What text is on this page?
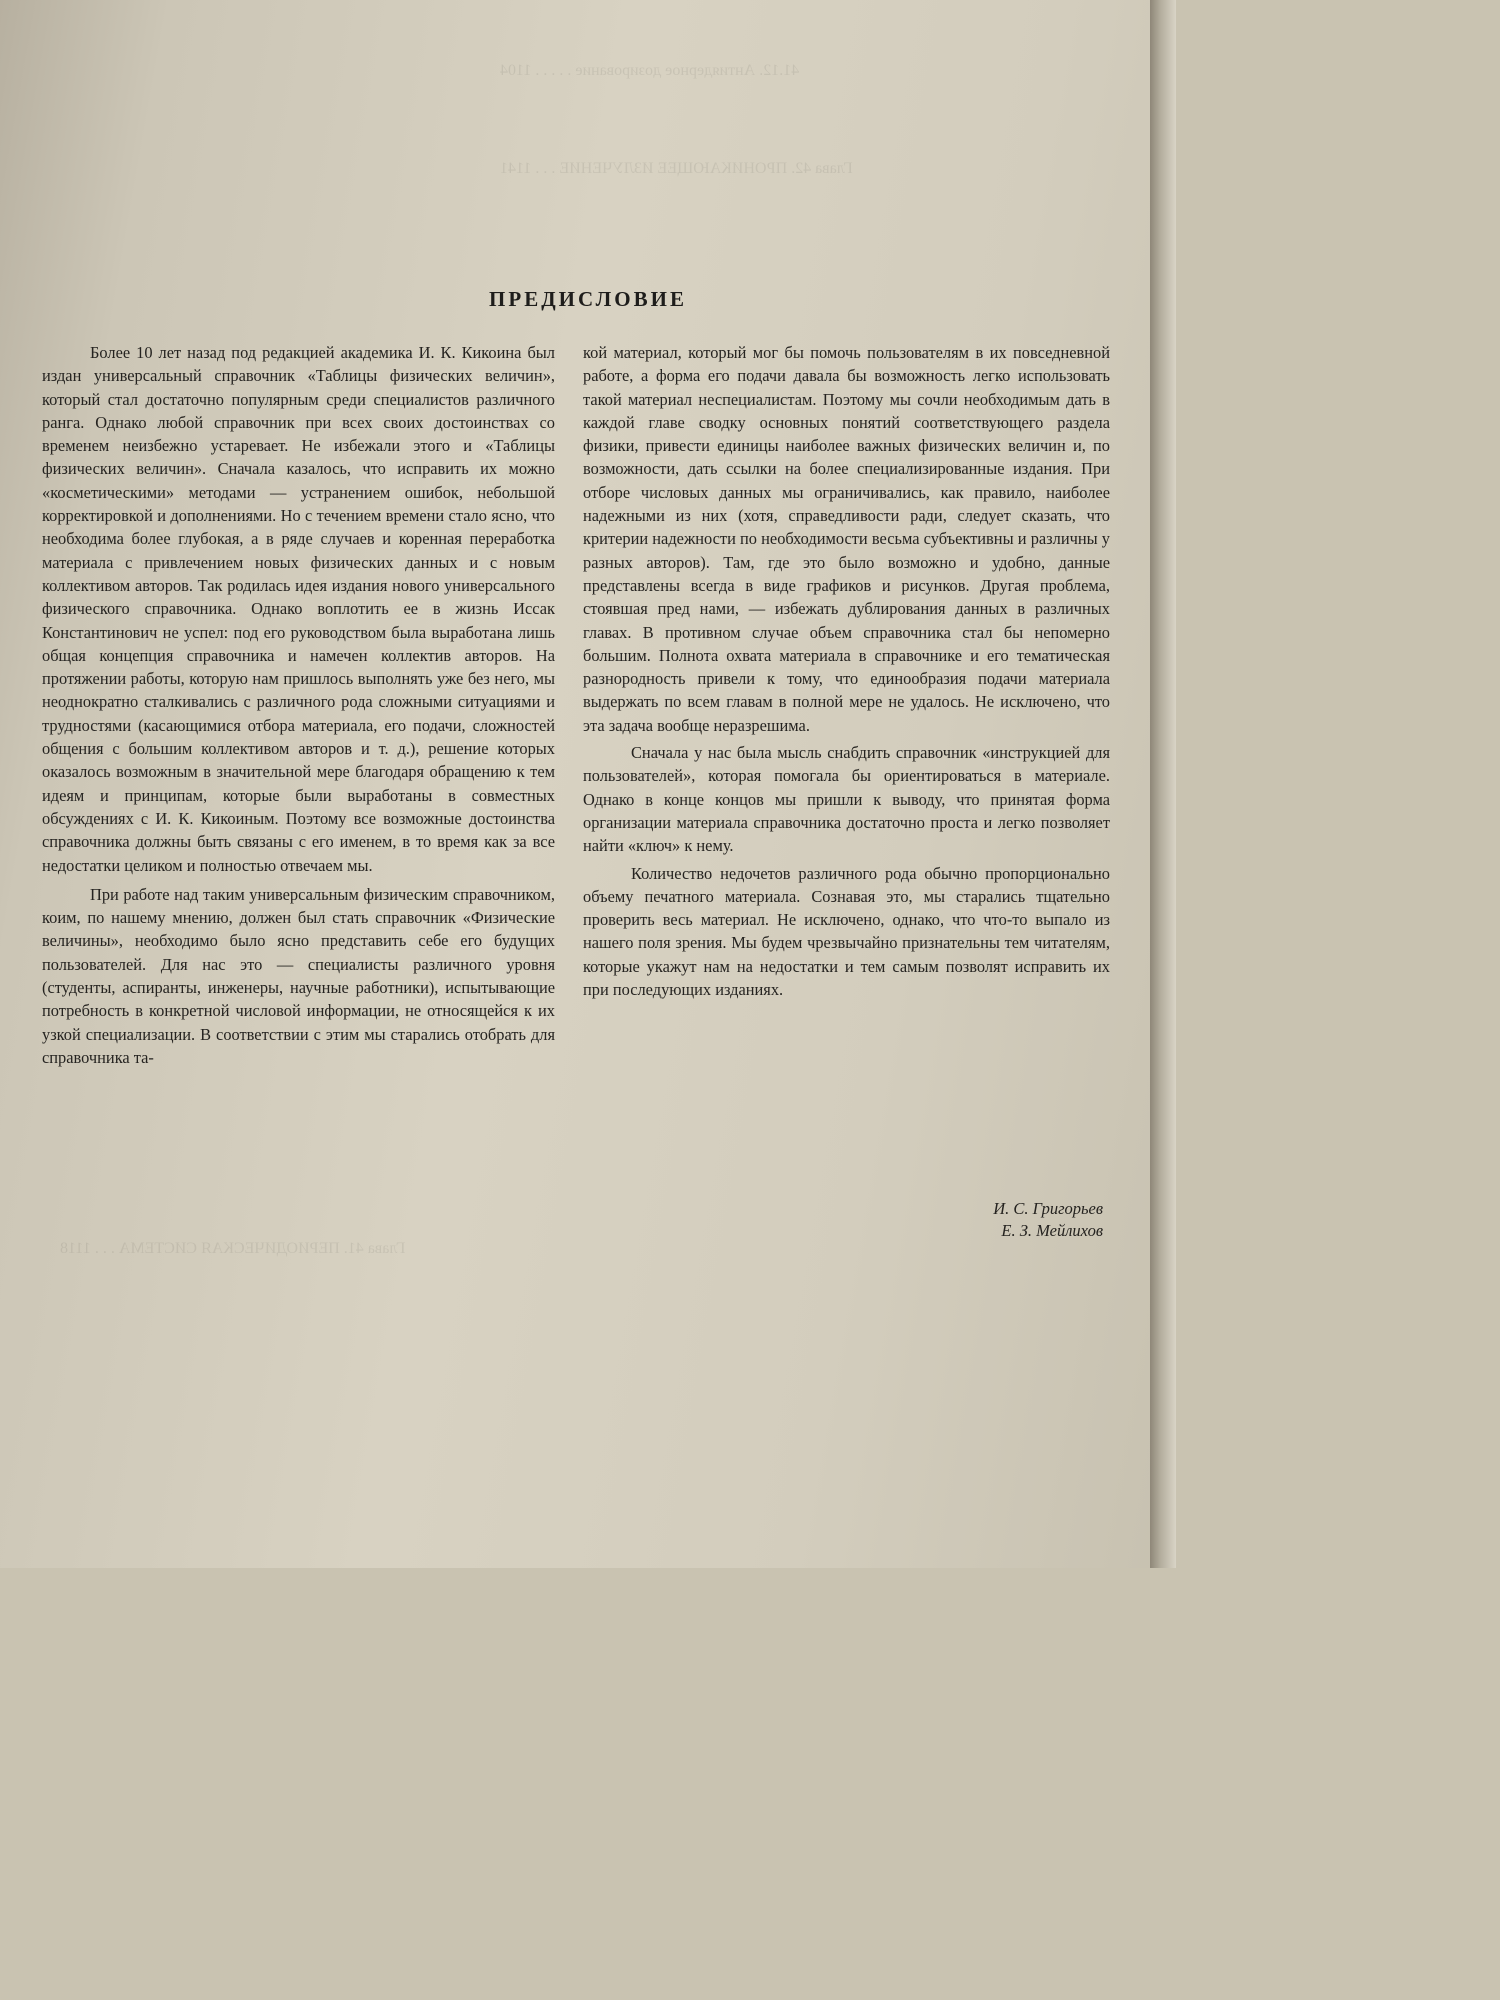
41.12. Антиядерное дозирование . . . . . 1104
Глава 42. ПРОНИКАЮЩЕЕ ИЗЛУЧЕНИЕ . . . 1141
Глава 41. ПЕРИОДИЧЕСКАЯ СИСТЕМА . . . 1118
ПРЕДИСЛОВИЕ

Более 10 лет назад под редакцией академика И. К. Кикоина был издан универсальный справочник «Таблицы физических величин», который стал достаточно популярным среди специалистов различного ранга. Однако любой справочник при всех своих достоинствах со временем неизбежно устаревает. Не избежали этого и «Таблицы физических величин». Сначала казалось, что исправить их можно «косметическими» методами — устранением ошибок, небольшой корректировкой и дополнениями. Но с течением времени стало ясно, что необходима более глубокая, а в ряде случаев и коренная переработка материала с привлечением новых физических данных и с новым коллективом авторов. Так родилась идея издания нового универсального физического справочника. Однако воплотить ее в жизнь Иссак Константинович не успел: под его руководством была выработана лишь общая концепция справочника и намечен коллектив авторов. На протяжении работы, которую нам пришлось выполнять уже без него, мы неоднократно сталкивались с различного рода сложными ситуациями и трудностями (касающимися отбора материала, его подачи, сложностей общения с большим коллективом авторов и т. д.), решение которых оказалось возможным в значительной мере благодаря обращению к тем идеям и принципам, которые были выработаны в совместных обсуждениях с И. К. Кикоиным. Поэтому все возможные достоинства справочника должны быть связаны с его именем, в то время как за все недостатки целиком и полностью отвечаем мы.

При работе над таким универсальным физическим справочником, коим, по нашему мнению, должен был стать справочник «Физические величины», необходимо было ясно представить себе его будущих пользователей. Для нас это — специалисты различного уровня (студенты, аспиранты, инженеры, научные работники), испытывающие потребность в конкретной числовой информации, не относящейся к их узкой специализации. В соответствии с этим мы старались отобрать для справочника та-

кой материал, который мог бы помочь пользователям в их повседневной работе, а форма его подачи давала бы возможность легко использовать такой материал неспециалистам. Поэтому мы сочли необходимым дать в каждой главе сводку основных понятий соответствующего раздела физики, привести единицы наиболее важных физических величин и, по возможности, дать ссылки на более специализированные издания. При отборе числовых данных мы ограничивались, как правило, наиболее надежными из них (хотя, справедливости ради, следует сказать, что критерии надежности по необходимости весьма субъективны и различны у разных авторов). Там, где это было возможно и удобно, данные представлены всегда в виде графиков и рисунков. Другая проблема, стоявшая пред нами, — избежать дублирования данных в различных главах. В противном случае объем справочника стал бы непомерно большим. Полнота охвата материала в справочнике и его тематическая разнородность привели к тому, что единообразия подачи материала выдержать по всем главам в полной мере не удалось. Не исключено, что эта задача вообще неразрешима.

Сначала у нас была мысль снабдить справочник «инструкцией для пользователей», которая помогала бы ориентироваться в материале. Однако в конце концов мы пришли к выводу, что принятая форма организации материала справочника достаточно проста и легко позволяет найти «ключ» к нему.

Количество недочетов различного рода обычно пропорционально объему печатного материала. Сознавая это, мы старались тщательно проверить весь материал. Не исключено, однако, что что-то выпало из нашего поля зрения. Мы будем чрезвычайно признательны тем читателям, которые укажут нам на недостатки и тем самым позволят исправить их при последующих изданиях.

И. С. Григорьев
Е. З. Мейлихов
